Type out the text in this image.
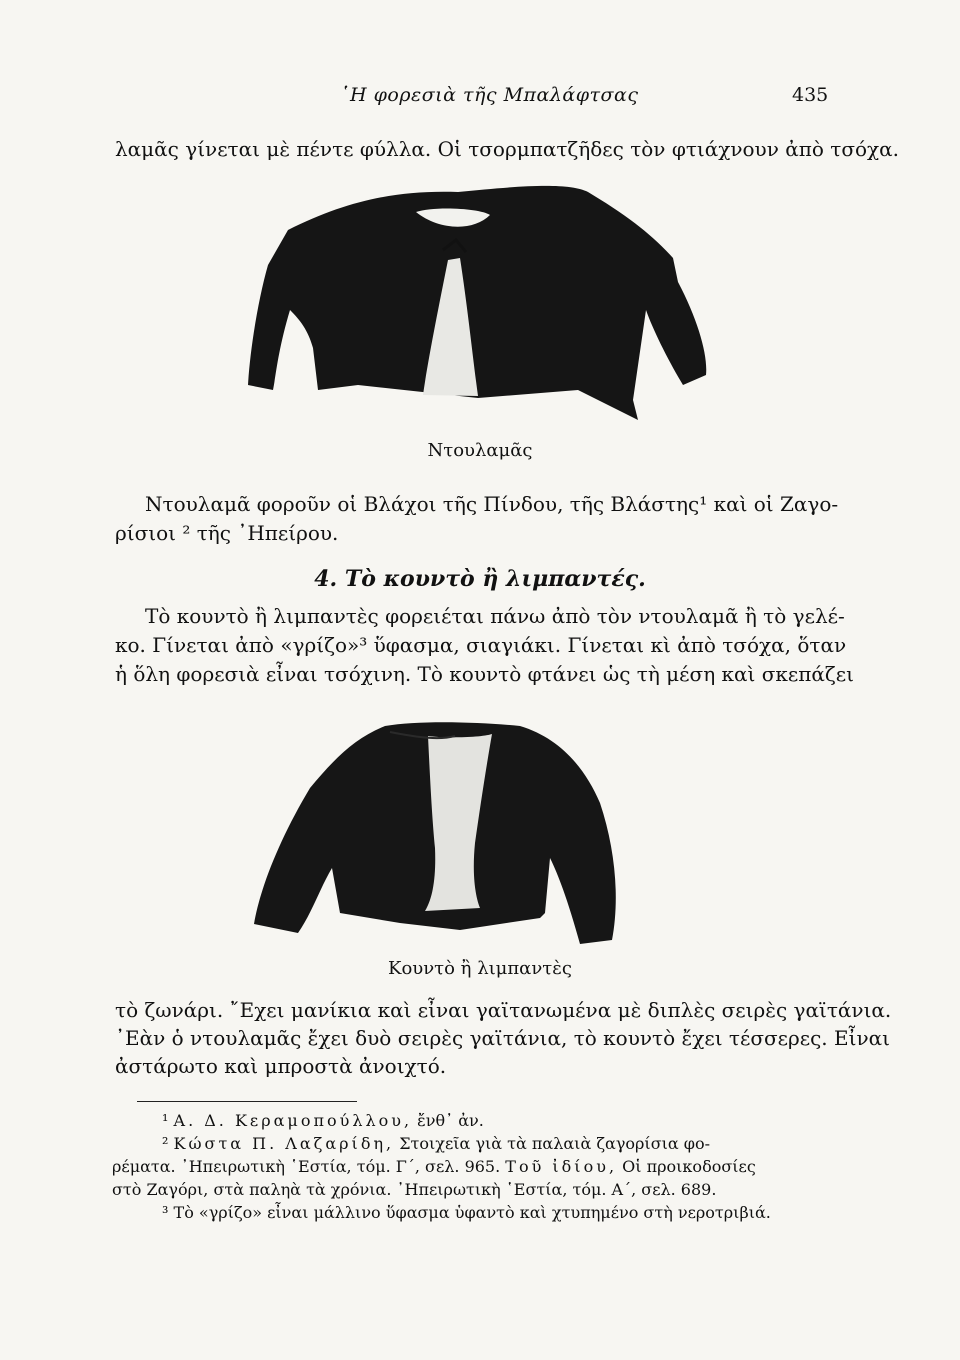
῾Η φορεσιὰ τῆς Μπαλάφτσας	435
λαμᾶς γίνεται μὲ πέντε φύλλα. Οἱ τσορμπατζῆδες τὸν φτιάχνουν ἀπὸ τσόχα.
Ντουλαμᾶς
Ντουλαμᾶ φοροῦν οἱ Βλάχοι τῆς Πίνδου, τῆς Βλάστης¹ καὶ οἱ Ζαγο-
ρίσιοι ² τῆς ᾿Ηπείρου.
4. Τὸ κουντὸ ἢ λιμπαντές.
Τὸ κουντὸ ἢ λιμπαντὲς φορειέται πάνω ἀπὸ τὸν ντουλαμᾶ ἢ τὸ γελέ-
κο. Γίνεται ἀπὸ «γρίζο»³ ὕφασμα, σιαγιάκι. Γίνεται κὶ ἀπὸ τσόχα, ὅταν
ἡ ὅλη φορεσιὰ εἶναι τσόχινη. Τὸ κουντὸ φτάνει ὡς τὴ μέση καὶ σκεπάζει
Κουντὸ ἢ λιμπαντὲς
τὸ ζωνάρι. ῎Εχει μανίκια καὶ εἶναι γαϊτανωμένα μὲ διπλὲς σειρὲς γαϊτάνια.
᾿Εὰν ὁ ντουλαμᾶς ἔχει δυὸ σειρὲς γαϊτάνια, τὸ κουντὸ ἔχει τέσσερες. Εἶναι
ἀστάρωτο καὶ μπροστὰ ἀνοιχτό.
¹ Α. Δ. Κεραμοπούλλου, ἔνθ᾿ ἀν.
² Κώστα Π. Λαζαρίδη, Στοιχεῖα γιὰ τὰ παλαιὰ ζαγορίσια φο-
ρέματα. ᾿Ηπειρωτικὴ ῾Εστία, τόμ. Γ΄, σελ. 965. Τοῦ ἰδίου, Οἱ προικοδοσίες
στὸ Ζαγόρι, στὰ παληὰ τὰ χρόνια. ᾿Ηπειρωτικὴ ῾Εστία, τόμ. Α΄, σελ. 689.
³ Τὸ «γρίζο» εἶναι μάλλινο ὕφασμα ὑφαντὸ καὶ χτυπημένο στὴ νεροτριβιά.
